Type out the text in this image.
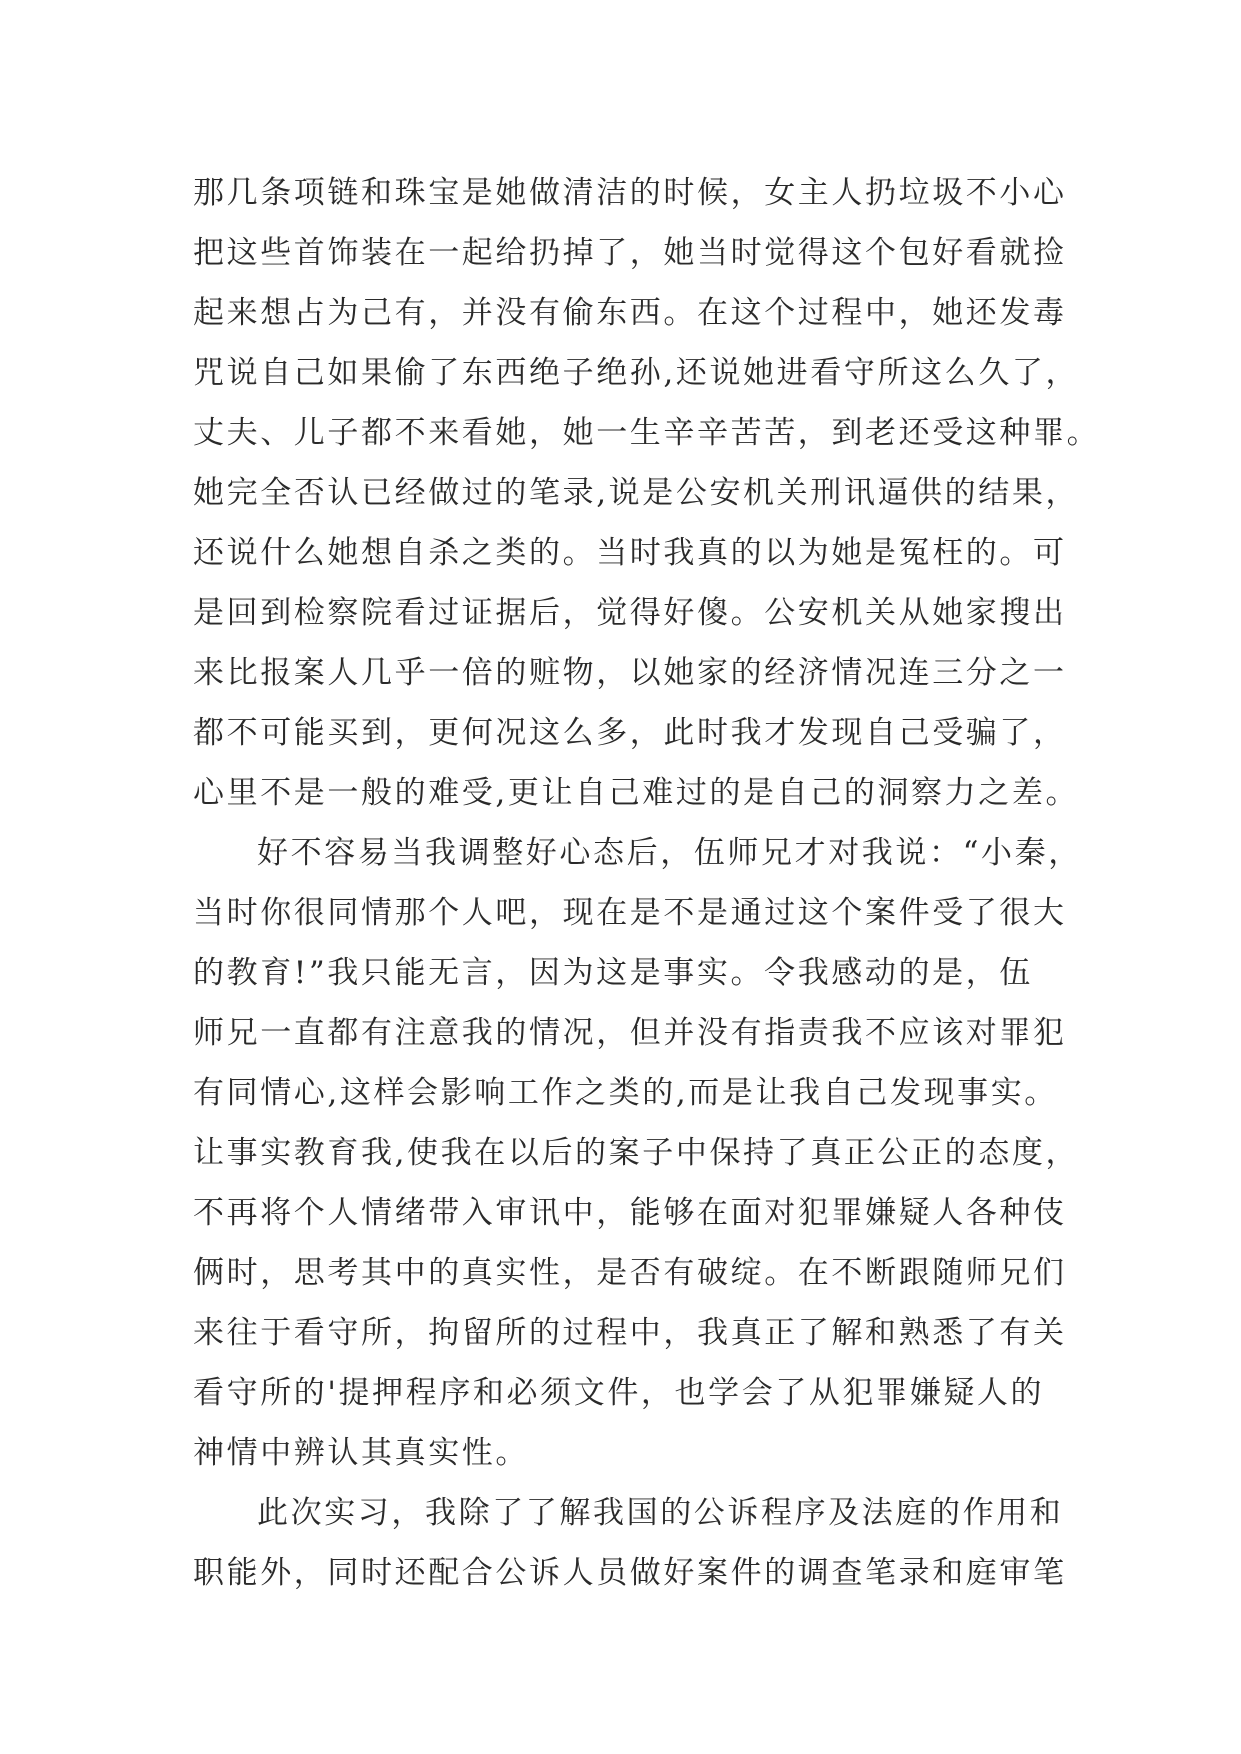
那几条项链和珠宝是她做清洁的时候，女主人扔垃圾不小心
把这些首饰装在一起给扔掉了，她当时觉得这个包好看就捡
起来想占为己有，并没有偷东西。在这个过程中，她还发毒
咒说自己如果偷了东西绝子绝孙,还说她进看守所这么久了，
丈夫、儿子都不来看她，她一生辛辛苦苦，到老还受这种罪。
她完全否认已经做过的笔录,说是公安机关刑讯逼供的结果，
还说什么她想自杀之类的。当时我真的以为她是冤枉的。可
是回到检察院看过证据后，觉得好傻。公安机关从她家搜出
来比报案人几乎一倍的赃物，以她家的经济情况连三分之一
都不可能买到，更何况这么多，此时我才发现自己受骗了，
心里不是一般的难受,更让自己难过的是自己的洞察力之差。
好不容易当我调整好心态后，伍师兄才对我说：“小秦，
当时你很同情那个人吧，现在是不是通过这个案件受了很大
的教育!”我只能无言，因为这是事实。令我感动的是，伍
师兄一直都有注意我的情况，但并没有指责我不应该对罪犯
有同情心,这样会影响工作之类的,而是让我自己发现事实。
让事实教育我,使我在以后的案子中保持了真正公正的态度，
不再将个人情绪带入审讯中，能够在面对犯罪嫌疑人各种伎
俩时，思考其中的真实性，是否有破绽。在不断跟随师兄们
来往于看守所，拘留所的过程中，我真正了解和熟悉了有关
看守所的'提押程序和必须文件，也学会了从犯罪嫌疑人的
神情中辨认其真实性。
此次实习，我除了了解我国的公诉程序及法庭的作用和
职能外，同时还配合公诉人员做好案件的调查笔录和庭审笔
